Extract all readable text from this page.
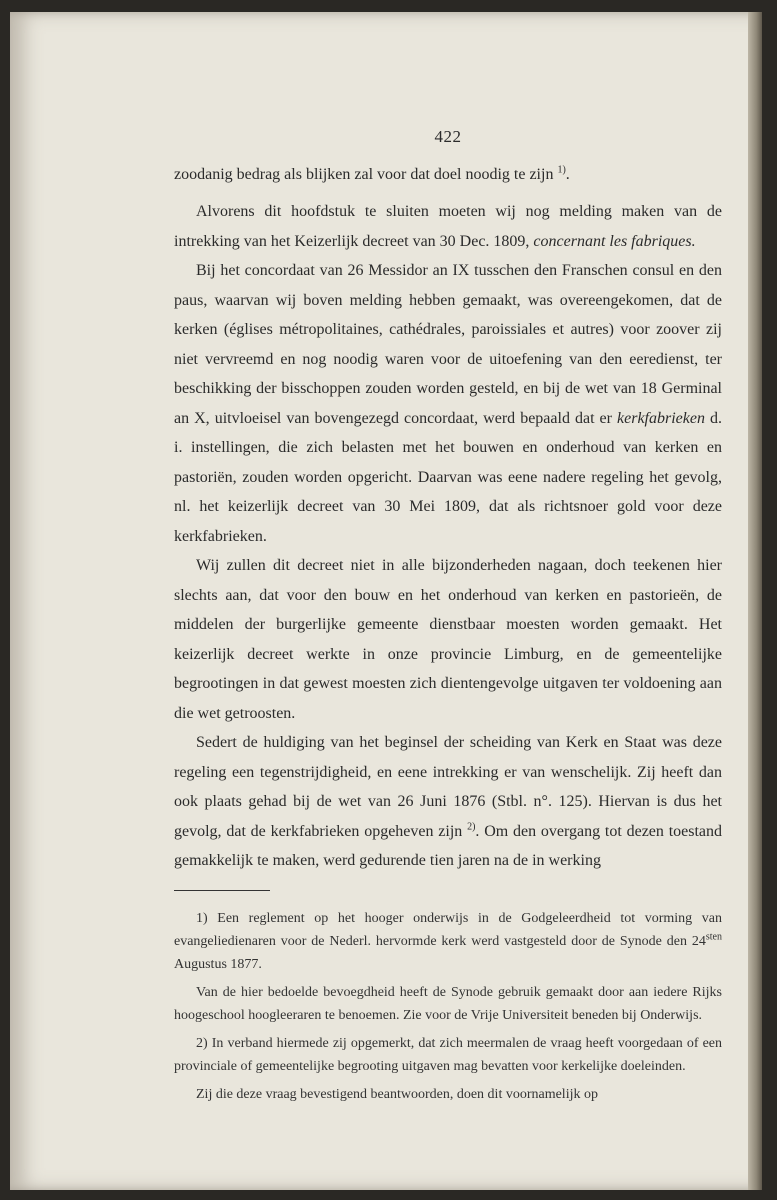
422

zoodanig bedrag als blijken zal voor dat doel noodig te zijn $^{1)}$.

Alvorens dit hoofdstuk te sluiten moeten wij nog melding maken van de intrekking van het Keizerlijk decreet van 30 Dec. 1809, concernant les fabriques.

Bij het concordaat van 26 Messidor an IX tusschen den Franschen consul en den paus, waarvan wij boven melding hebben gemaakt, was overeengekomen, dat de kerken (églises métropolitaines, cathédrales, paroissiales et autres) voor zoover zij niet vervreemd en nog noodig waren voor de uitoefening van den eeredienst, ter beschikking der bisschoppen zouden worden gesteld, en bij de wet van 18 Germinal an X, uitvloeisel van bovengezegd concordaat, werd bepaald dat er kerkfabrieken d. i. instellingen, die zich belasten met het bouwen en onderhoud van kerken en pastoriën, zouden worden opgericht. Daarvan was eene nadere regeling het gevolg, nl. het keizerlijk decreet van 30 Mei 1809, dat als richtsnoer gold voor deze kerkfabrieken.

Wij zullen dit decreet niet in alle bijzonderheden nagaan, doch teekenen hier slechts aan, dat voor den bouw en het onderhoud van kerken en pastorieën, de middelen der burgerlijke gemeente dienstbaar moesten worden gemaakt. Het keizerlijk decreet werkte in onze provincie Limburg, en de gemeentelijke begrootingen in dat gewest moesten zich dientengevolge uitgaven ter voldoening aan die wet getroosten.

Sedert de huldiging van het beginsel der scheiding van Kerk en Staat was deze regeling een tegenstrijdigheid, en eene intrekking er van wenschelijk. Zij heeft dan ook plaats gehad bij de wet van 26 Juni 1876 (Stbl. n°. 125). Hiervan is dus het gevolg, dat de kerkfabrieken opgeheven zijn $^{2)}$. Om den overgang tot dezen toestand gemakkelijk te maken, werd gedurende tien jaren na de in werking

1) Een reglement op het hooger onderwijs in de Godgeleerdheid tot vorming van evangeliedienaren voor de Nederl. hervormde kerk werd vastgesteld door de Synode den $24^{sten}$ Augustus 1877.

Van de hier bedoelde bevoegdheid heeft de Synode gebruik gemaakt door aan iedere Rijks hoogeschool hoogleeraren te benoemen. Zie voor de Vrije Universiteit beneden bij Onderwijs.

2) In verband hiermede zij opgemerkt, dat zich meermalen de vraag heeft voorgedaan of een provinciale of gemeentelijke begrooting uitgaven mag bevatten voor kerkelijke doeleinden.

Zij die deze vraag bevestigend beantwoorden, doen dit voornamelijk op
